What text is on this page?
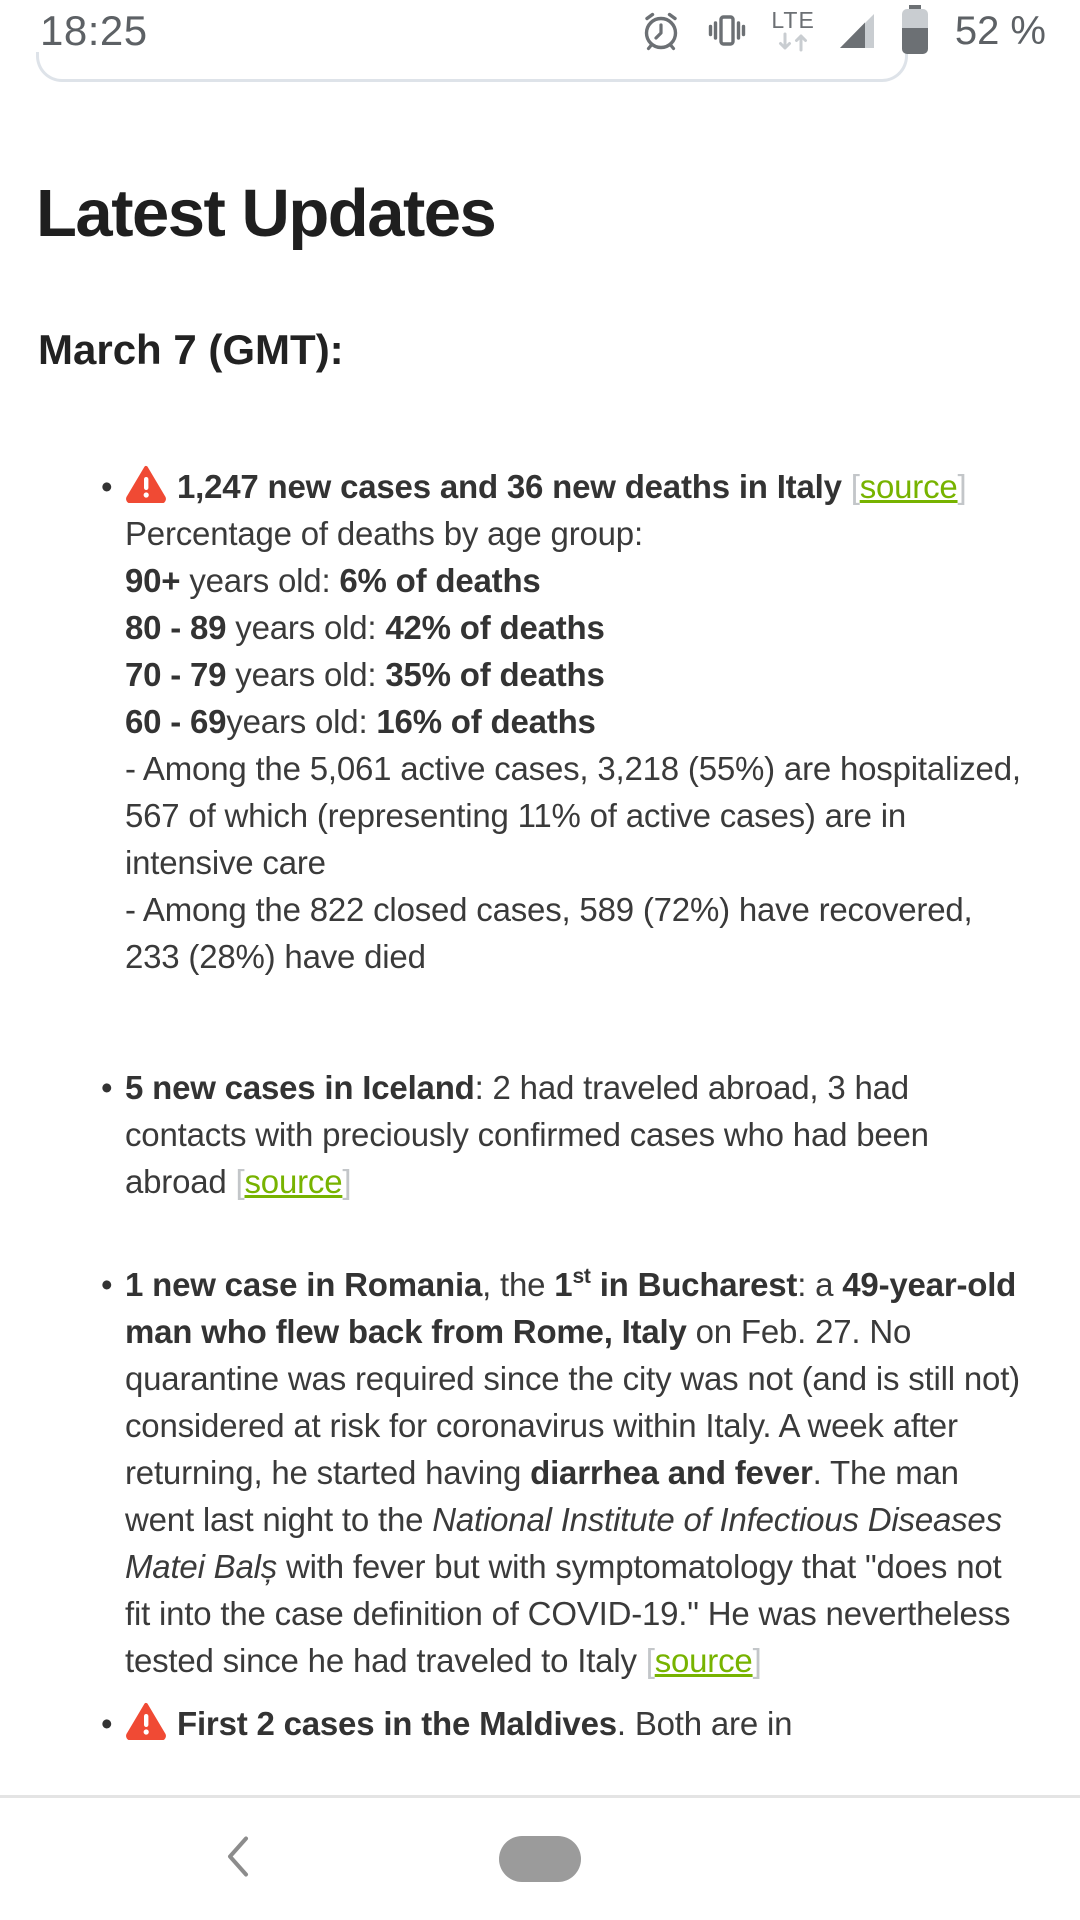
18:25	LTE	52 %
Latest Updates
March 7 (GMT):
• 1,247 new cases and 36 new deaths in Italy [source]
Percentage of deaths by age group:
90+ years old: 6% of deaths
80 - 89 years old: 42% of deaths
70 - 79 years old: 35% of deaths
60 - 69years old: 16% of deaths
- Among the 5,061 active cases, 3,218 (55%) are hospitalized, 567 of which (representing 11% of active cases) are in intensive care
- Among the 822 closed cases, 589 (72%) have recovered, 233 (28%) have died
• 5 new cases in Iceland: 2 had traveled abroad, 3 had contacts with preciously confirmed cases who had been abroad [source]
• 1 new case in Romania, the 1st in Bucharest: a 49-year-old man who flew back from Rome, Italy on Feb. 27. No quarantine was required since the city was not (and is still not) considered at risk for coronavirus within Italy. A week after returning, he started having diarrhea and fever. The man went last night to the National Institute of Infectious Diseases Matei Balș with fever but with symptomatology that "does not fit into the case definition of COVID-19." He was nevertheless tested since he had traveled to Italy [source]
• First 2 cases in the Maldives. Both are in
